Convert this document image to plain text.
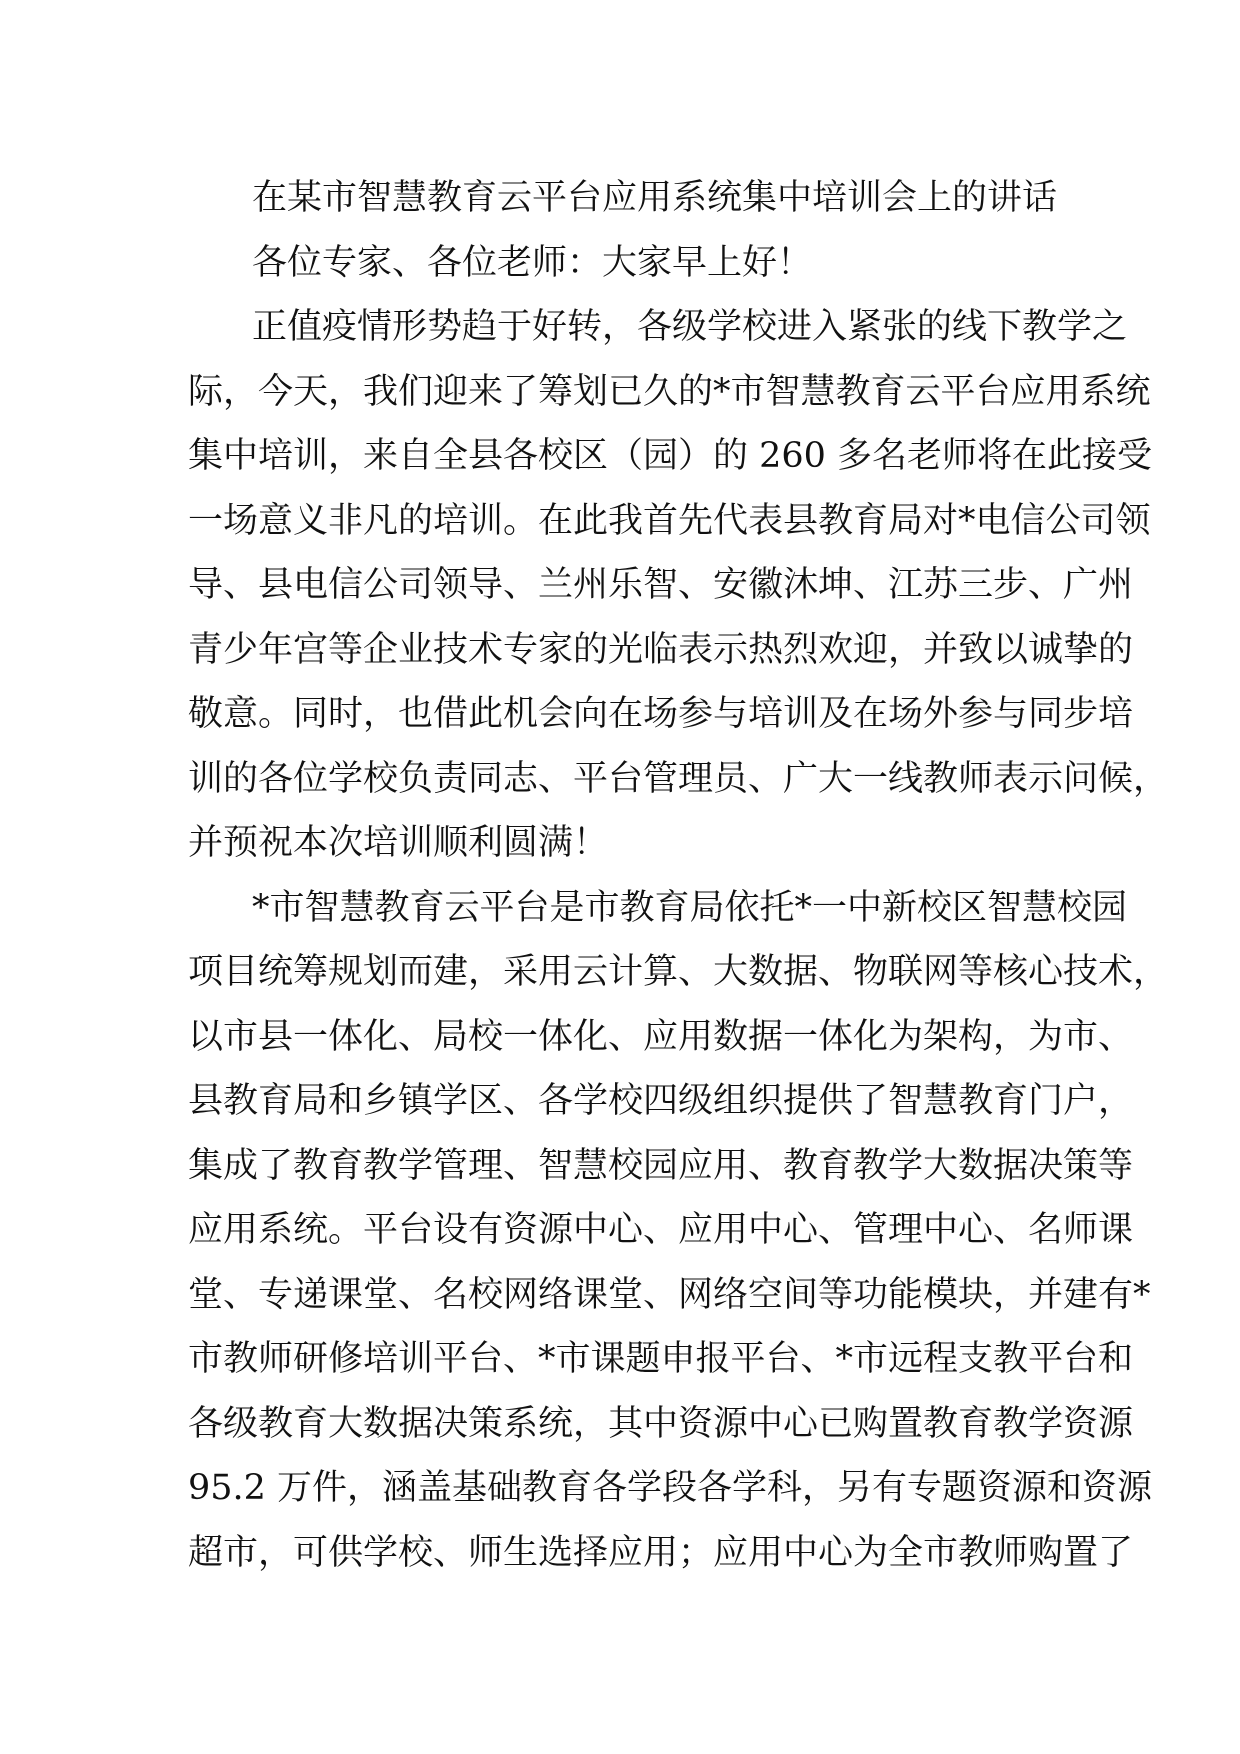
在某市智慧教育云平台应用系统集中培训会上的讲话
各位专家、各位老师：大家早上好！
正值疫情形势趋于好转，各级学校进入紧张的线下教学之
际，今天，我们迎来了筹划已久的*市智慧教育云平台应用系统
集中培训，来自全县各校区（园）的 260 多名老师将在此接受
一场意义非凡的培训。在此我首先代表县教育局对*电信公司领
导、县电信公司领导、兰州乐智、安徽沐坤、江苏三步、广州
青少年宫等企业技术专家的光临表示热烈欢迎，并致以诚挚的
敬意。同时，也借此机会向在场参与培训及在场外参与同步培
训的各位学校负责同志、平台管理员、广大一线教师表示问候，
并预祝本次培训顺利圆满！
*市智慧教育云平台是市教育局依托*一中新校区智慧校园
项目统筹规划而建，采用云计算、大数据、物联网等核心技术，
以市县一体化、局校一体化、应用数据一体化为架构，为市、
县教育局和乡镇学区、各学校四级组织提供了智慧教育门户，
集成了教育教学管理、智慧校园应用、教育教学大数据决策等
应用系统。平台设有资源中心、应用中心、管理中心、名师课
堂、专递课堂、名校网络课堂、网络空间等功能模块，并建有*
市教师研修培训平台、*市课题申报平台、*市远程支教平台和
各级教育大数据决策系统，其中资源中心已购置教育教学资源
95.2 万件，涵盖基础教育各学段各学科，另有专题资源和资源
超市，可供学校、师生选择应用；应用中心为全市教师购置了
